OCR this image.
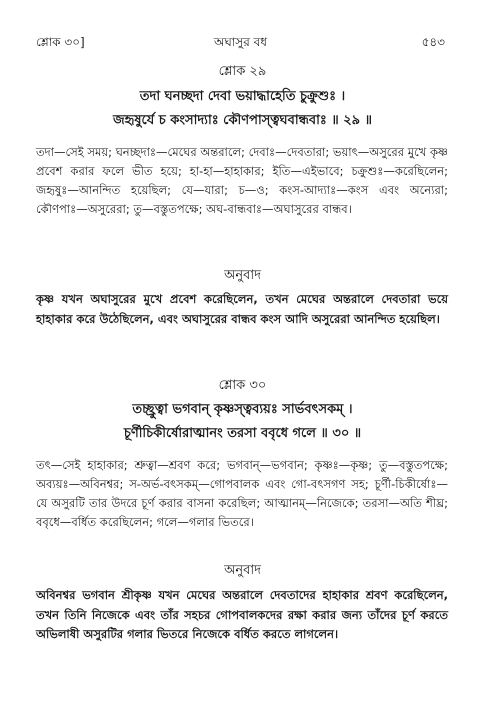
শ্লোক ৩০]	অঘাসুর বধ	৫৪৩
শ্লোক ২৯
তদা ঘনচ্ছদা দেবা ভয়াদ্ধাহেতি চুক্রুশুঃ ।
জহৃষুর্যে চ কংসাদ্যাঃ কৌণপাস্ত্বঘবান্ধবাঃ ॥ ২৯ ॥
তদা—সেই সময়; ঘনচ্ছদাঃ—মেঘের অন্তরালে; দেবাঃ—দেবতারা; ভয়াৎ—অসুরের মুখে কৃষ্ণ প্রবেশ করার ফলে ভীত হয়ে; হা-হা—হাহাকার; ইতি—এইভাবে; চক্রুশুঃ—করেছিলেন; জহৃষুঃ—আনন্দিত হয়েছিল; যে—যারা; চ—ও; কংস-আদ্যাঃ—কংস এবং অন্যেরা; কৌণপাঃ—অসুরেরা; তু—বস্তুতপক্ষে; অঘ-বান্ধবাঃ—অঘাসুরের বান্ধব।
অনুবাদ
কৃষ্ণ যখন অঘাসুরের মুখে প্রবেশ করেছিলেন, তখন মেঘের অন্তরালে দেবতারা ভয়ে হাহাকার করে উঠেছিলেন, এবং অঘাসুরের বান্ধব কংস আদি অসুরেরা আনন্দিত হয়েছিল।
শ্লোক ৩০
তচ্ছ্রুত্বা ভগবান্ কৃষ্ণস্ত্বব্যয়ঃ সার্ভবৎসকম্ ।
চূর্ণীচিকীর্ষোরাত্মানং তরসা ববৃধে গলে ॥ ৩০ ॥
তৎ—সেই হাহাকার; শ্রুত্বা—শ্রবণ করে; ভগবান্—ভগবান; কৃষ্ণঃ—কৃষ্ণ; তু—বস্তুতপক্ষে; অব্যয়ঃ—অবিনশ্বর; স-অর্ভ-বৎসকম্—গোপবালক এবং গো-বৎসগণ সহ; চূর্ণী-চিকীর্ষোঃ—যে অসুরটি তার উদরে চূর্ণ করার বাসনা করেছিল; আত্মানম্—নিজেকে; তরসা—অতি শীঘ্র; ববৃধে—বর্ধিত করেছিলেন; গলে—গলার ভিতরে।
অনুবাদ
অবিনশ্বর ভগবান শ্রীকৃষ্ণ যখন মেঘের অন্তরালে দেবতাদের হাহাকার শ্রবণ করেছিলেন, তখন তিনি নিজেকে এবং তাঁর সহচর গোপবালকদের রক্ষা করার জন্য তাঁদের চূর্ণ করতে অভিলাষী অসুরটির গলার ভিতরে নিজেকে বর্ধিত করতে লাগলেন।
